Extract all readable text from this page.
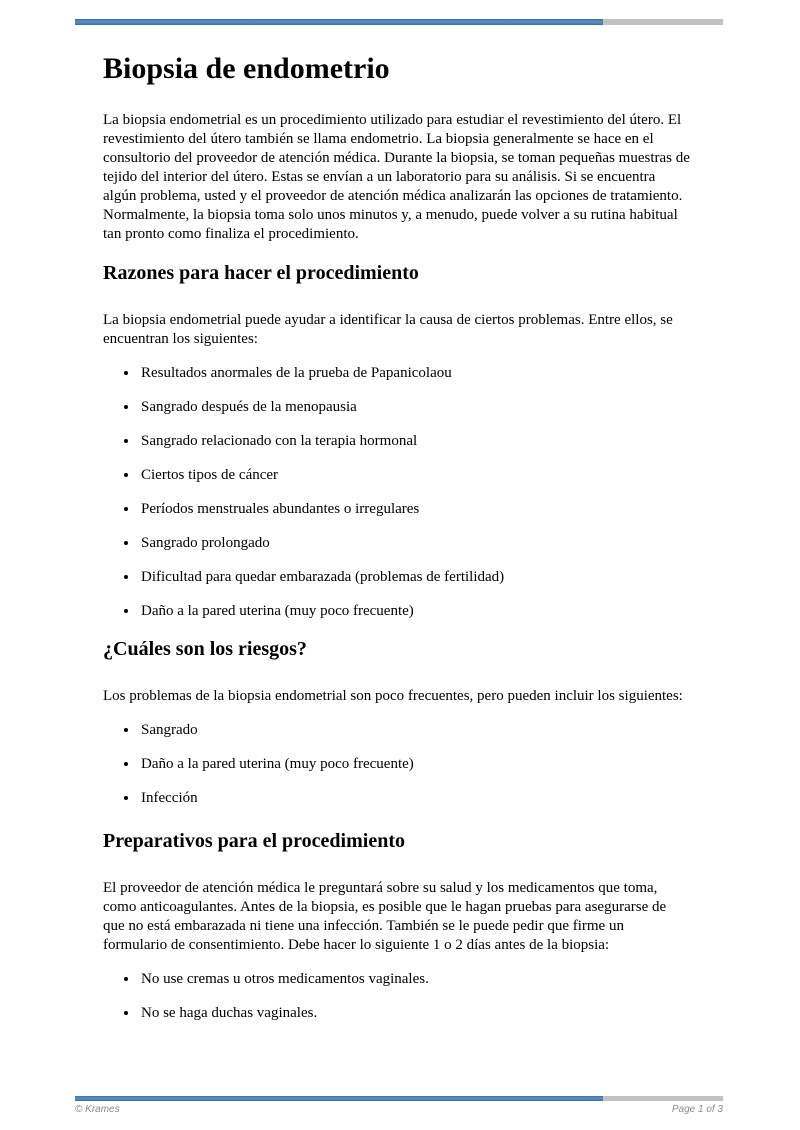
Biopsia de endometrio

La biopsia endometrial es un procedimiento utilizado para estudiar el revestimiento del útero. El revestimiento del útero también se llama endometrio. La biopsia generalmente se hace en el consultorio del proveedor de atención médica. Durante la biopsia, se toman pequeñas muestras de tejido del interior del útero. Estas se envían a un laboratorio para su análisis. Si se encuentra algún problema, usted y el proveedor de atención médica analizarán las opciones de tratamiento. Normalmente, la biopsia toma solo unos minutos y, a menudo, puede volver a su rutina habitual tan pronto como finaliza el procedimiento.

Razones para hacer el procedimiento

La biopsia endometrial puede ayudar a identificar la causa de ciertos problemas. Entre ellos, se encuentran los siguientes:

• Resultados anormales de la prueba de Papanicolaou
• Sangrado después de la menopausia
• Sangrado relacionado con la terapia hormonal
• Ciertos tipos de cáncer
• Períodos menstruales abundantes o irregulares
• Sangrado prolongado
• Dificultad para quedar embarazada (problemas de fertilidad)
• Daño a la pared uterina (muy poco frecuente)
¿Cuáles son los riesgos?

Los problemas de la biopsia endometrial son poco frecuentes, pero pueden incluir los siguientes:

• Sangrado
• Daño a la pared uterina (muy poco frecuente)
• Infección
Preparativos para el procedimiento

El proveedor de atención médica le preguntará sobre su salud y los medicamentos que toma, como anticoagulantes. Antes de la biopsia, es posible que le hagan pruebas para asegurarse de que no está embarazada ni tiene una infección. También se le puede pedir que firme un formulario de consentimiento. Debe hacer lo siguiente 1 o 2 días antes de la biopsia:

• No use cremas u otros medicamentos vaginales.
• No se haga duchas vaginales.
© Krames	Page 1 of 3
